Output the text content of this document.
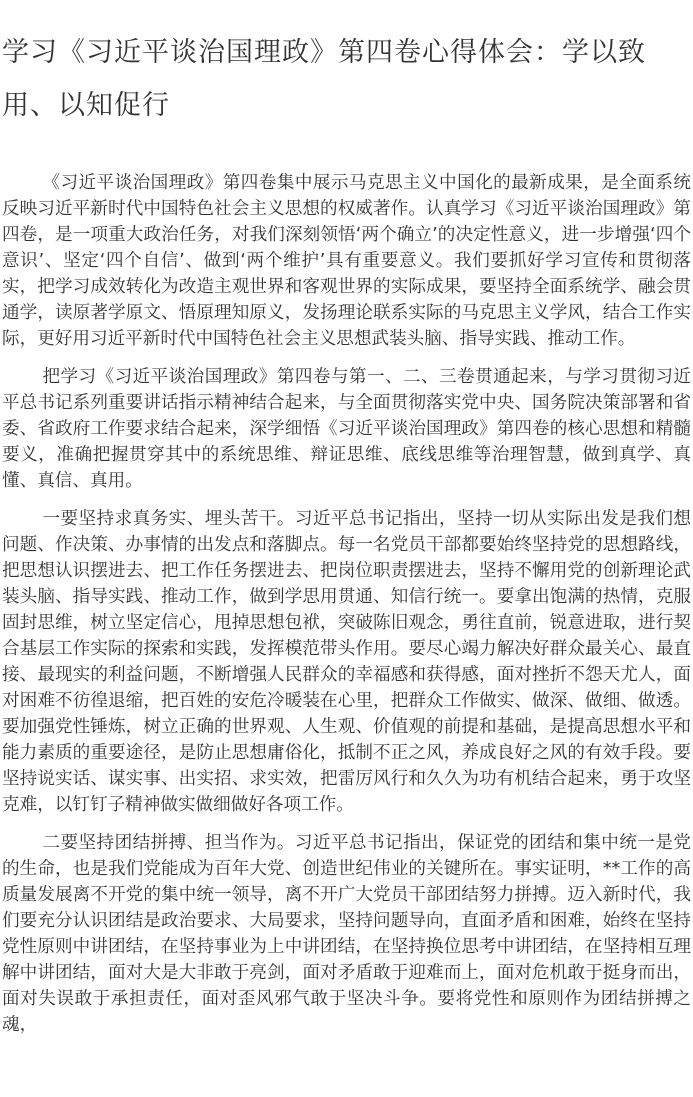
学习《习近平谈治国理政》第四卷心得体会：学以致用、以知促行

《习近平谈治国理政》第四卷集中展示马克思主义中国化的最新成果，是全面系统反映习近平新时代中国特色社会主义思想的权威著作。认真学习《习近平谈治国理政》第四卷，是一项重大政治任务，对我们深刻领悟‘两个确立’的决定性意义，进一步增强‘四个意识’、坚定‘四个自信’、做到‘两个维护’具有重要意义。我们要抓好学习宣传和贯彻落实，把学习成效转化为改造主观世界和客观世界的实际成果，要坚持全面系统学、融会贯通学，读原著学原文、悟原理知原义，发扬理论联系实际的马克思主义学风，结合工作实际，更好用习近平新时代中国特色社会主义思想武装头脑、指导实践、推动工作。

把学习《习近平谈治国理政》第四卷与第一、二、三卷贯通起来，与学习贯彻习近平总书记系列重要讲话指示精神结合起来，与全面贯彻落实党中央、国务院决策部署和省委、省政府工作要求结合起来，深学细悟《习近平谈治国理政》第四卷的核心思想和精髓要义，准确把握贯穿其中的系统思维、辩证思维、底线思维等治理智慧，做到真学、真懂、真信、真用。

一要坚持求真务实、埋头苦干。习近平总书记指出，坚持一切从实际出发是我们想问题、作决策、办事情的出发点和落脚点。每一名党员干部都要始终坚持党的思想路线，把思想认识摆进去、把工作任务摆进去、把岗位职责摆进去，坚持不懈用党的创新理论武装头脑、指导实践、推动工作，做到学思用贯通、知信行统一。要拿出饱满的热情，克服固封思维，树立坚定信心，甩掉思想包袱，突破陈旧观念，勇往直前，锐意进取，进行契合基层工作实际的探索和实践，发挥模范带头作用。要尽心竭力解决好群众最关心、最直接、最现实的利益问题，不断增强人民群众的幸福感和获得感，面对挫折不怨天尤人，面对困难不彷徨退缩，把百姓的安危冷暖装在心里，把群众工作做实、做深、做细、做透。要加强党性锤炼，树立正确的世界观、人生观、价值观的前提和基础，是提高思想水平和能力素质的重要途径，是防止思想庸俗化，抵制不正之风，养成良好之风的有效手段。要坚持说实话、谋实事、出实招、求实效，把雷厉风行和久久为功有机结合起来，勇于攻坚克难，以钉钉子精神做实做细做好各项工作。

二要坚持团结拼搏、担当作为。习近平总书记指出，保证党的团结和集中统一是党的生命，也是我们党能成为百年大党、创造世纪伟业的关键所在。事实证明，**工作的高质量发展离不开党的集中统一领导，离不开广大党员干部团结努力拼搏。迈入新时代，我们要充分认识团结是政治要求、大局要求，坚持问题导向，直面矛盾和困难，始终在坚持党性原则中讲团结，在坚持事业为上中讲团结，在坚持换位思考中讲团结，在坚持相互理解中讲团结，面对大是大非敢于亮剑，面对矛盾敢于迎难而上，面对危机敢于挺身而出，面对失误敢于承担责任，面对歪风邪气敢于坚决斗争。要将党性和原则作为团结拼搏之魂，
